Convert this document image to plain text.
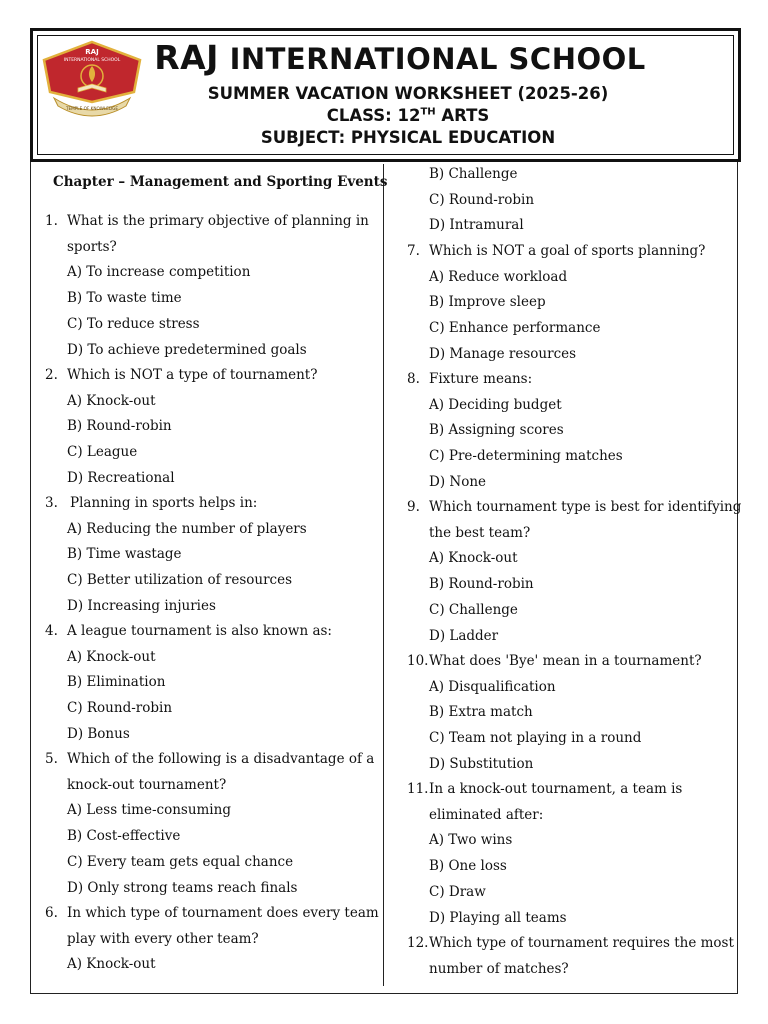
RAJ
INTERNATIONAL SCHOOL
TEMPLE OF KNOWLEDGE
RAJ INTERNATIONAL SCHOOL
SUMMER VACATION WORKSHEET (2025-26)
CLASS: 12TH ARTS
SUBJECT: PHYSICAL EDUCATION
Chapter – Management and Sporting Events
1. What is the primary objective of planning in
sports?
A) To increase competition
B) To waste time
C) To reduce stress
D) To achieve predetermined goals
2. Which is NOT a type of tournament?
A) Knock-out
B) Round-robin
C) League
D) Recreational
3. Planning in sports helps in:
A) Reducing the number of players
B) Time wastage
C) Better utilization of resources
D) Increasing injuries
4. A league tournament is also known as:
A) Knock-out
B) Elimination
C) Round-robin
D) Bonus
5. Which of the following is a disadvantage of a
knock-out tournament?
A) Less time-consuming
B) Cost-effective
C) Every team gets equal chance
D) Only strong teams reach finals
6. In which type of tournament does every team
play with every other team?
A) Knock-out
B) Challenge
C) Round-robin
D) Intramural
7. Which is NOT a goal of sports planning?
A) Reduce workload
B) Improve sleep
C) Enhance performance
D) Manage resources
8. Fixture means:
A) Deciding budget
B) Assigning scores
C) Pre-determining matches
D) None
9. Which tournament type is best for identifying
the best team?
A) Knock-out
B) Round-robin
C) Challenge
D) Ladder
10. What does 'Bye' mean in a tournament?
A) Disqualification
B) Extra match
C) Team not playing in a round
D) Substitution
11. In a knock-out tournament, a team is
eliminated after:
A) Two wins
B) One loss
C) Draw
D) Playing all teams
12. Which type of tournament requires the most
number of matches?
